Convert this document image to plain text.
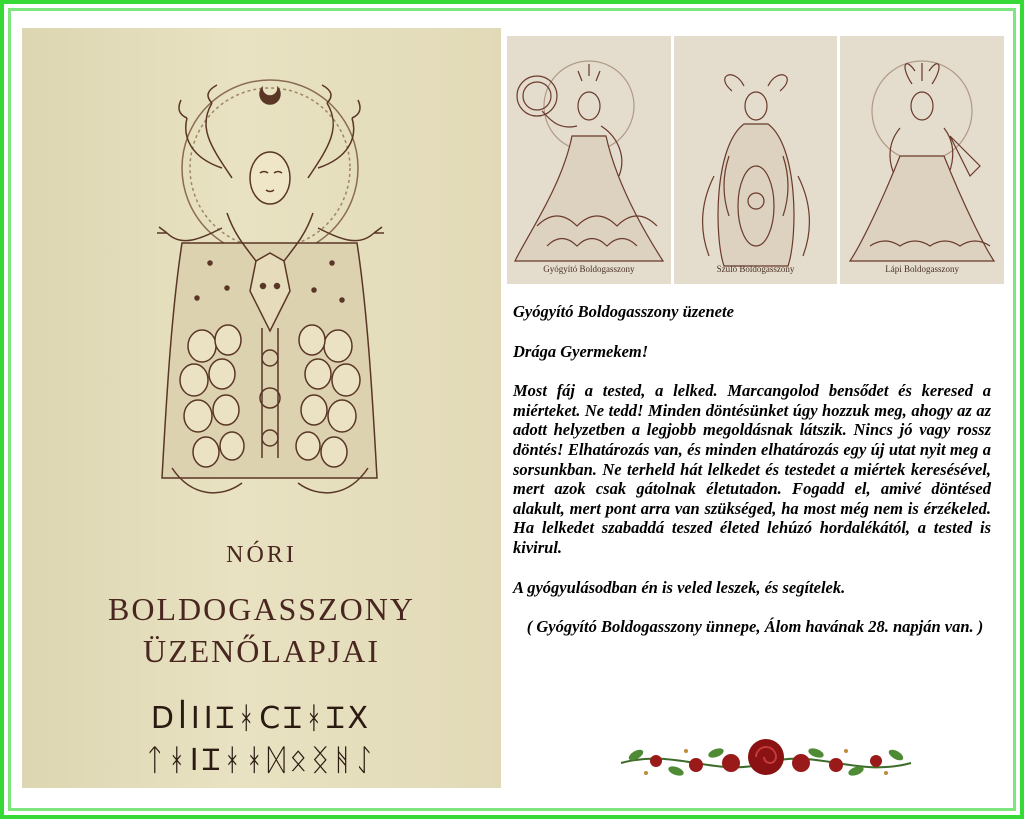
NÓRI
BOLDOGASSZONY
ÜZENŐLAPJAI
DꟾIIꞮᚼCꞮᚼꞮX
ᛏᚼIꞮᚼᚼᛞᛟᛝᚻᛇ
Gyógyító Boldogasszony	Szülő Boldogasszony	Lápi Boldogasszony

Gyógyító Boldogasszony üzenete

Drága Gyermekem!

Most fáj a tested, a lelked. Marcangolod bensődet és keresed a miérteket. Ne tedd! Minden döntésünket úgy hozzuk meg, ahogy az az adott helyzetben a legjobb megoldásnak látszik. Nincs jó vagy rossz döntés! Elhatározás van, és minden elhatározás egy új utat nyit meg a sorsunkban. Ne terheld hát lelkedet és testedet a miértek keresésével, mert azok csak gátolnak életutadon. Fogadd el, amivé döntésed alakult, mert pont arra van szükséged, ha most még nem is érzékeled. Ha lelkedet szabaddá teszed életed lehúzó hordalékától, a tested is kivirul.

A gyógyulásodban én is veled leszek, és segítelek.

( Gyógyító Boldogasszony ünnepe, Álom havának 28. napján van. )
